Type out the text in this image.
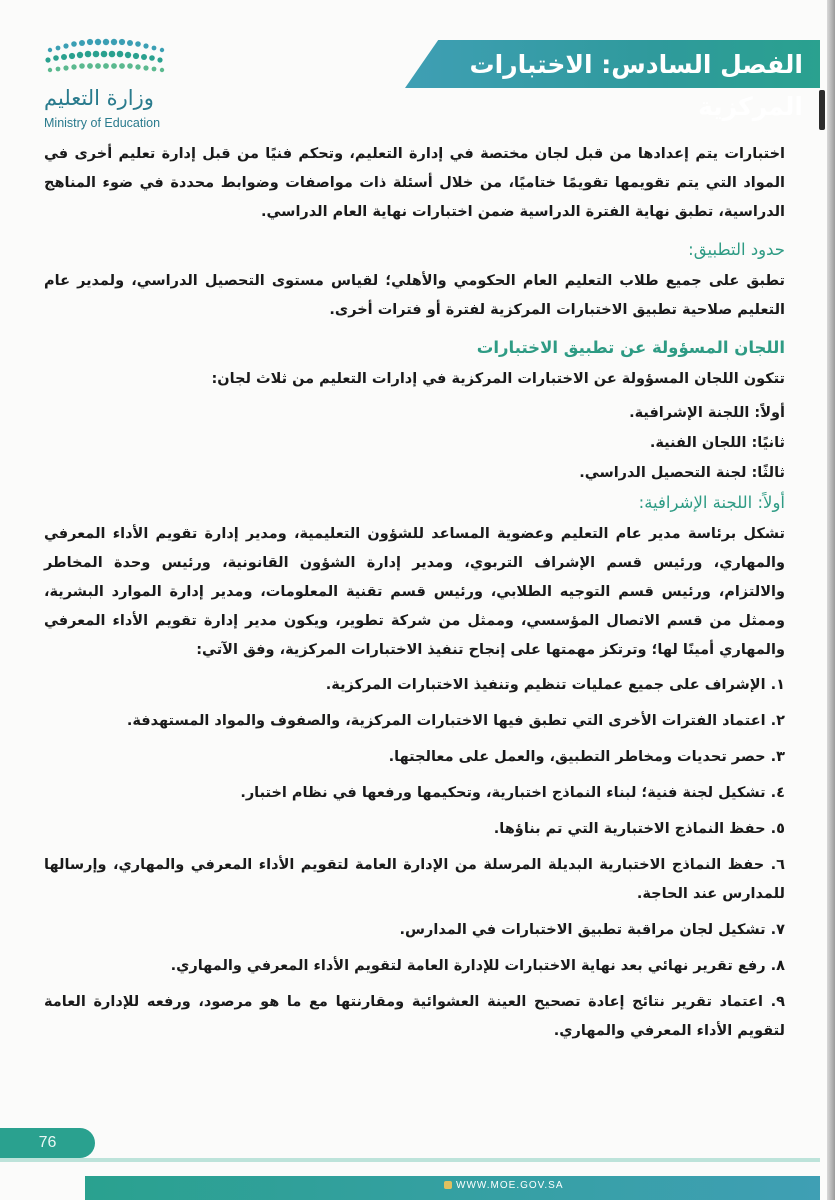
وزارة التعليم
Ministry of Education
الفصل السادس: الاختبارات المركزية

اختبارات يتم إعدادها من قبل لجان مختصة في إدارة التعليم، وتحكم فنيًا من قبل إدارة تعليم أخرى في المواد التي يتم تقويمها تقويمًا ختاميًا، من خلال أسئلة ذات مواصفات وضوابط محددة في ضوء المناهج الدراسية، تطبق نهاية الفترة الدراسية ضمن اختبارات نهاية العام الدراسي.

حدود التطبيق:

تطبق على جميع طلاب التعليم العام الحكومي والأهلي؛ لقياس مستوى التحصيل الدراسي، ولمدير عام التعليم صلاحية تطبيق الاختبارات المركزية لفترة أو فترات أخرى.

اللجان المسؤولة عن تطبيق الاختبارات

تتكون اللجان المسؤولة عن الاختبارات المركزية في إدارات التعليم من ثلاث لجان:

أولاً: اللجنة الإشرافية.
ثانيًا: اللجان الفنية.
ثالثًا: لجنة التحصيل الدراسي.
أولاً: اللجنة الإشرافية:

تشكل برئاسة مدير عام التعليم وعضوية المساعد للشؤون التعليمية، ومدير إدارة تقويم الأداء المعرفي والمهاري، ورئيس قسم الإشراف التربوي، ومدير إدارة الشؤون القانونية، ورئيس وحدة المخاطر والالتزام، ورئيس قسم التوجيه الطلابي، ورئيس قسم تقنية المعلومات، ومدير إدارة الموارد البشرية، وممثل من قسم الاتصال المؤسسي، وممثل من شركة تطوير، ويكون مدير إدارة تقويم الأداء المعرفي والمهاري أمينًا لها؛ وترتكز مهمتها على إنجاح تنفيذ الاختبارات المركزية، وفق الآتي:

١. الإشراف على جميع عمليات تنظيم وتنفيذ الاختبارات المركزية.
٢. اعتماد الفترات الأخرى التي تطبق فيها الاختبارات المركزية، والصفوف والمواد المستهدفة.
٣. حصر تحديات ومخاطر التطبيق، والعمل على معالجتها.
٤. تشكيل لجنة فنية؛ لبناء النماذج اختبارية، وتحكيمها ورفعها في نظام اختبار.
٥. حفظ النماذج الاختبارية التي تم بناؤها.
٦. حفظ النماذج الاختبارية البديلة المرسلة من الإدارة العامة لتقويم الأداء المعرفي والمهاري، وإرسالها للمدارس عند الحاجة.
٧. تشكيل لجان مراقبة تطبيق الاختبارات في المدارس.
٨. رفع تقرير نهائي بعد نهاية الاختبارات للإدارة العامة لتقويم الأداء المعرفي والمهاري.
٩. اعتماد تقرير نتائج إعادة تصحيح العينة العشوائية ومقارنتها مع ما هو مرصود، ورفعه للإدارة العامة لتقويم الأداء المعرفي والمهاري.
76
WWW.MOE.GOV.SA
